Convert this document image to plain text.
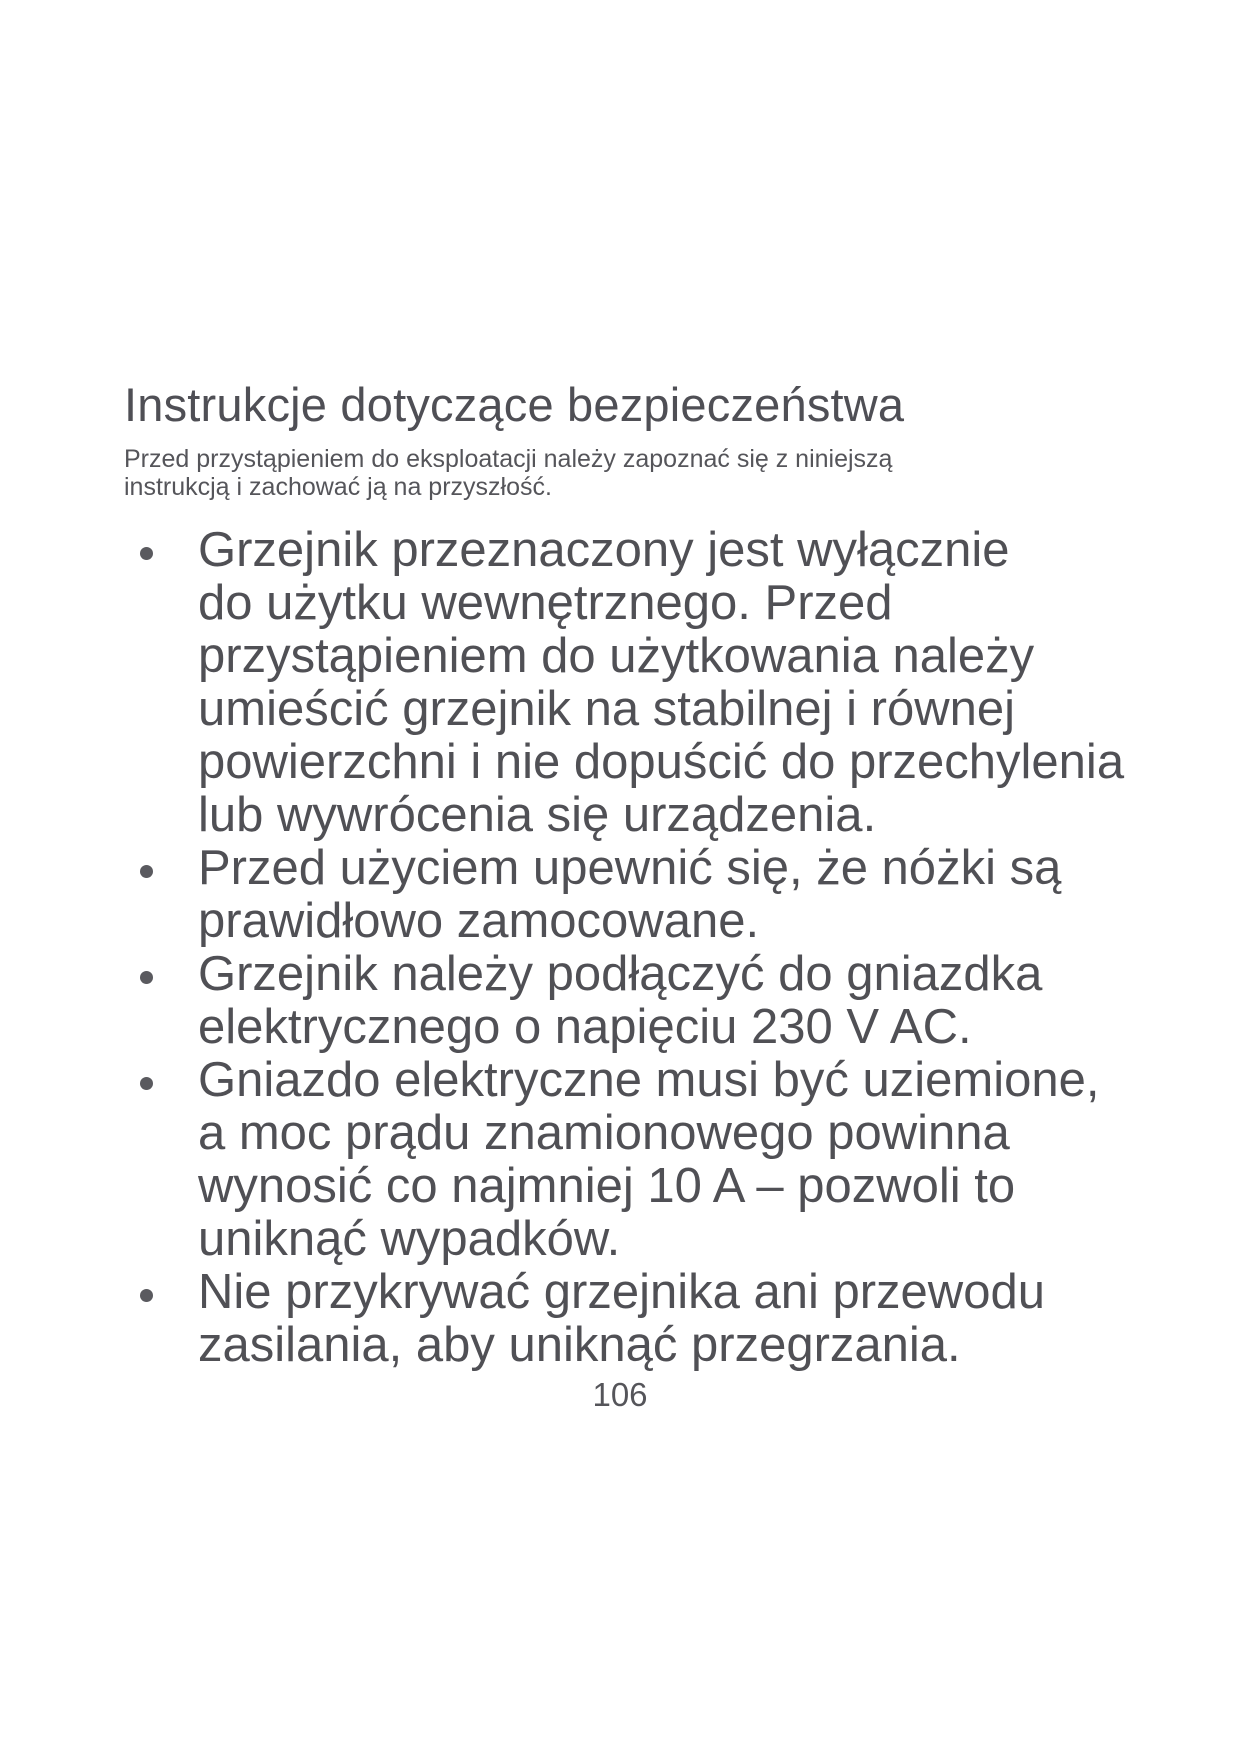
Instrukcje dotyczące bezpieczeństwa

Przed przystąpieniem do eksploatacji należy zapoznać się z niniejszą
instrukcją i zachować ją na przyszłość.

Grzejnik przeznaczony jest wyłącznie
do użytku wewnętrznego. Przed
przystąpieniem do użytkowania należy
umieścić grzejnik na stabilnej i równej
powierzchni i nie dopuścić do przechylenia
lub wywrócenia się urządzenia.
Przed użyciem upewnić się, że nóżki są
prawidłowo zamocowane.
Grzejnik należy podłączyć do gniazdka
elektrycznego o napięciu 230 V AC.
Gniazdo elektryczne musi być uziemione,
a moc prądu znamionowego powinna
wynosić co najmniej 10 A – pozwoli to
uniknąć wypadków.
Nie przykrywać grzejnika ani przewodu
zasilania, aby uniknąć przegrzania.
106
